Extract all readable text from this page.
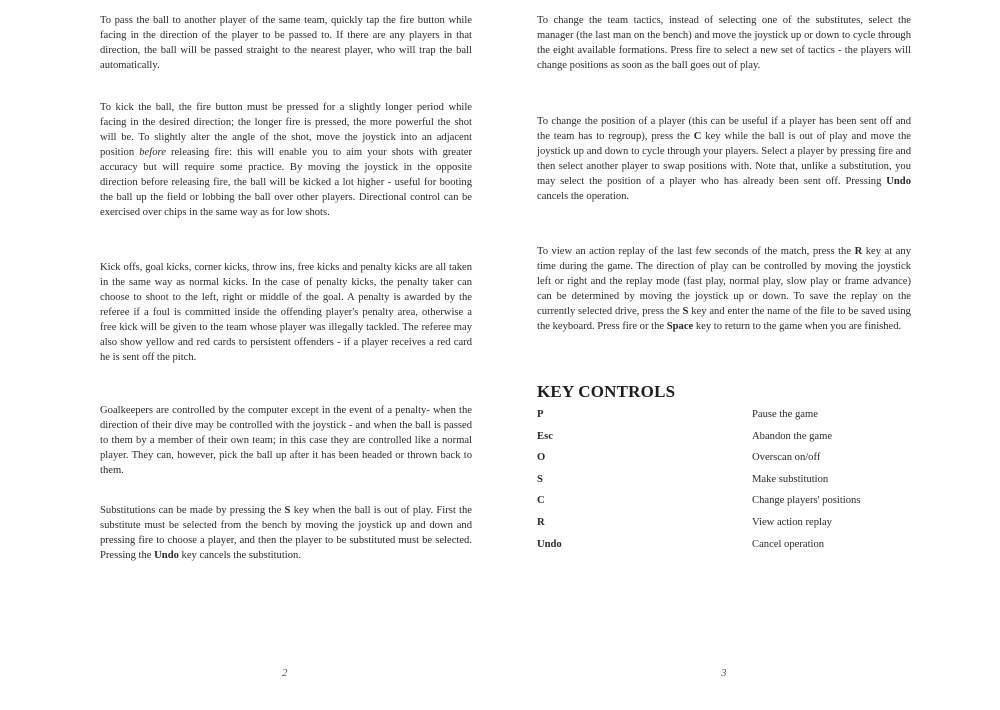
To pass the ball to another player of the same team, quickly tap the fire button while facing in the direction of the player to be passed to. If there are any players in that direction, the ball will be passed straight to the nearest player, who will trap the ball automatically.

To kick the ball, the fire button must be pressed for a slightly longer period while facing in the desired direction; the longer fire is pressed, the more powerful the shot will be. To slightly alter the angle of the shot, move the joystick into an adjacent position before releasing fire: this will enable you to aim your shots with greater accuracy but will require some practice. By moving the joystick in the opposite direction before releasing fire, the ball will be kicked a lot higher - useful for booting the ball up the field or lobbing the ball over other players. Directional control can be exercised over chips in the same way as for low shots.

Kick offs, goal kicks, corner kicks, throw ins, free kicks and penalty kicks are all taken in the same way as normal kicks. In the case of penalty kicks, the penalty taker can choose to shoot to the left, right or middle of the goal. A penalty is awarded by the referee if a foul is committed inside the offending player's penalty area, otherwise a free kick will be given to the team whose player was illegally tackled. The referee may also show yellow and red cards to persistent offenders - if a player receives a red card he is sent off the pitch.

Goalkeepers are controlled by the computer except in the event of a penalty- when the direction of their dive may be controlled with the joystick - and when the ball is passed to them by a member of their own team; in this case they are controlled like a normal player. They can, however, pick the ball up after it has been headed or thrown back to them.

Substitutions can be made by pressing the S key when the ball is out of play. First the substitute must be selected from the bench by moving the joystick up and down and pressing fire to choose a player, and then the player to be substituted must be selected. Pressing the Undo key cancels the substitution.

2

To change the team tactics, instead of selecting one of the substitutes, select the manager (the last man on the bench) and move the joystick up or down to cycle through the eight available formations. Press fire to select a new set of tactics - the players will change positions as soon as the ball goes out of play.

To change the position of a player (this can be useful if a player has been sent off and the team has to regroup), press the C key while the ball is out of play and move the joystick up and down to cycle through your players. Select a player by pressing fire and then select another player to swap positions with. Note that, unlike a substitution, you may select the position of a player who has already been sent off. Pressing Undo cancels the operation.

To view an action replay of the last few seconds of the match, press the R key at any time during the game. The direction of play can be controlled by moving the joystick left or right and the replay mode (fast play, normal play, slow play or frame advance) can be determined by moving the joystick up or down. To save the replay on the currently selected drive, press the S key and enter the name of the file to be saved using the keyboard. Press fire or the Space key to return to the game when you are finished.

KEY CONTROLS
P	Pause the game
Esc	Abandon the game
O	Overscan on/off
S	Make substitution
C	Change players' positions
R	View action replay
Undo	Cancel operation
3
